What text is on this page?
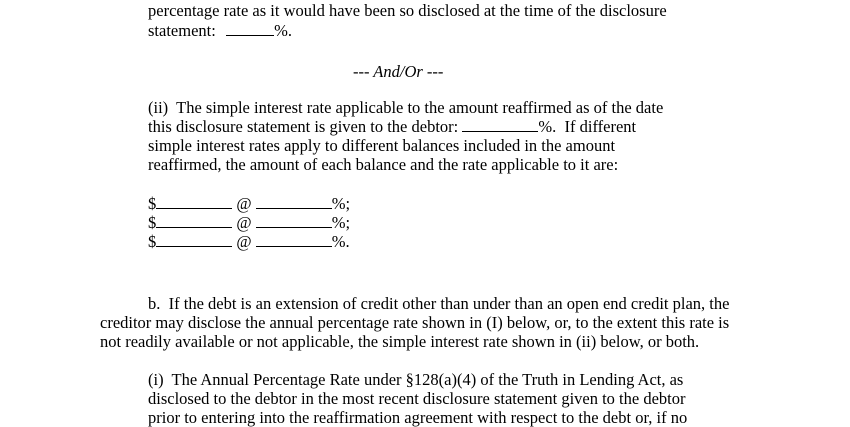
percentage rate as it would have been so disclosed at the time of the disclosure
statement:	%.
--- And/Or ---
(ii)  The simple interest rate applicable to the amount reaffirmed as of the date
this disclosure statement is given to the debtor:	%.  If different
simple interest rates apply to different balances included in the amount
reaffirmed, the amount of each balance and the rate applicable to it are:
$	@	%;
$	@	%;
$	@	%.
b.  If the debt is an extension of credit other than under than an open end credit plan, the
creditor may disclose the annual percentage rate shown in (I) below, or, to the extent this rate is
not readily available or not applicable, the simple interest rate shown in (ii) below, or both.
(i)  The Annual Percentage Rate under §128(a)(4) of the Truth in Lending Act, as
disclosed to the debtor in the most recent disclosure statement given to the debtor
prior to entering into the reaffirmation agreement with respect to the debt or, if no
